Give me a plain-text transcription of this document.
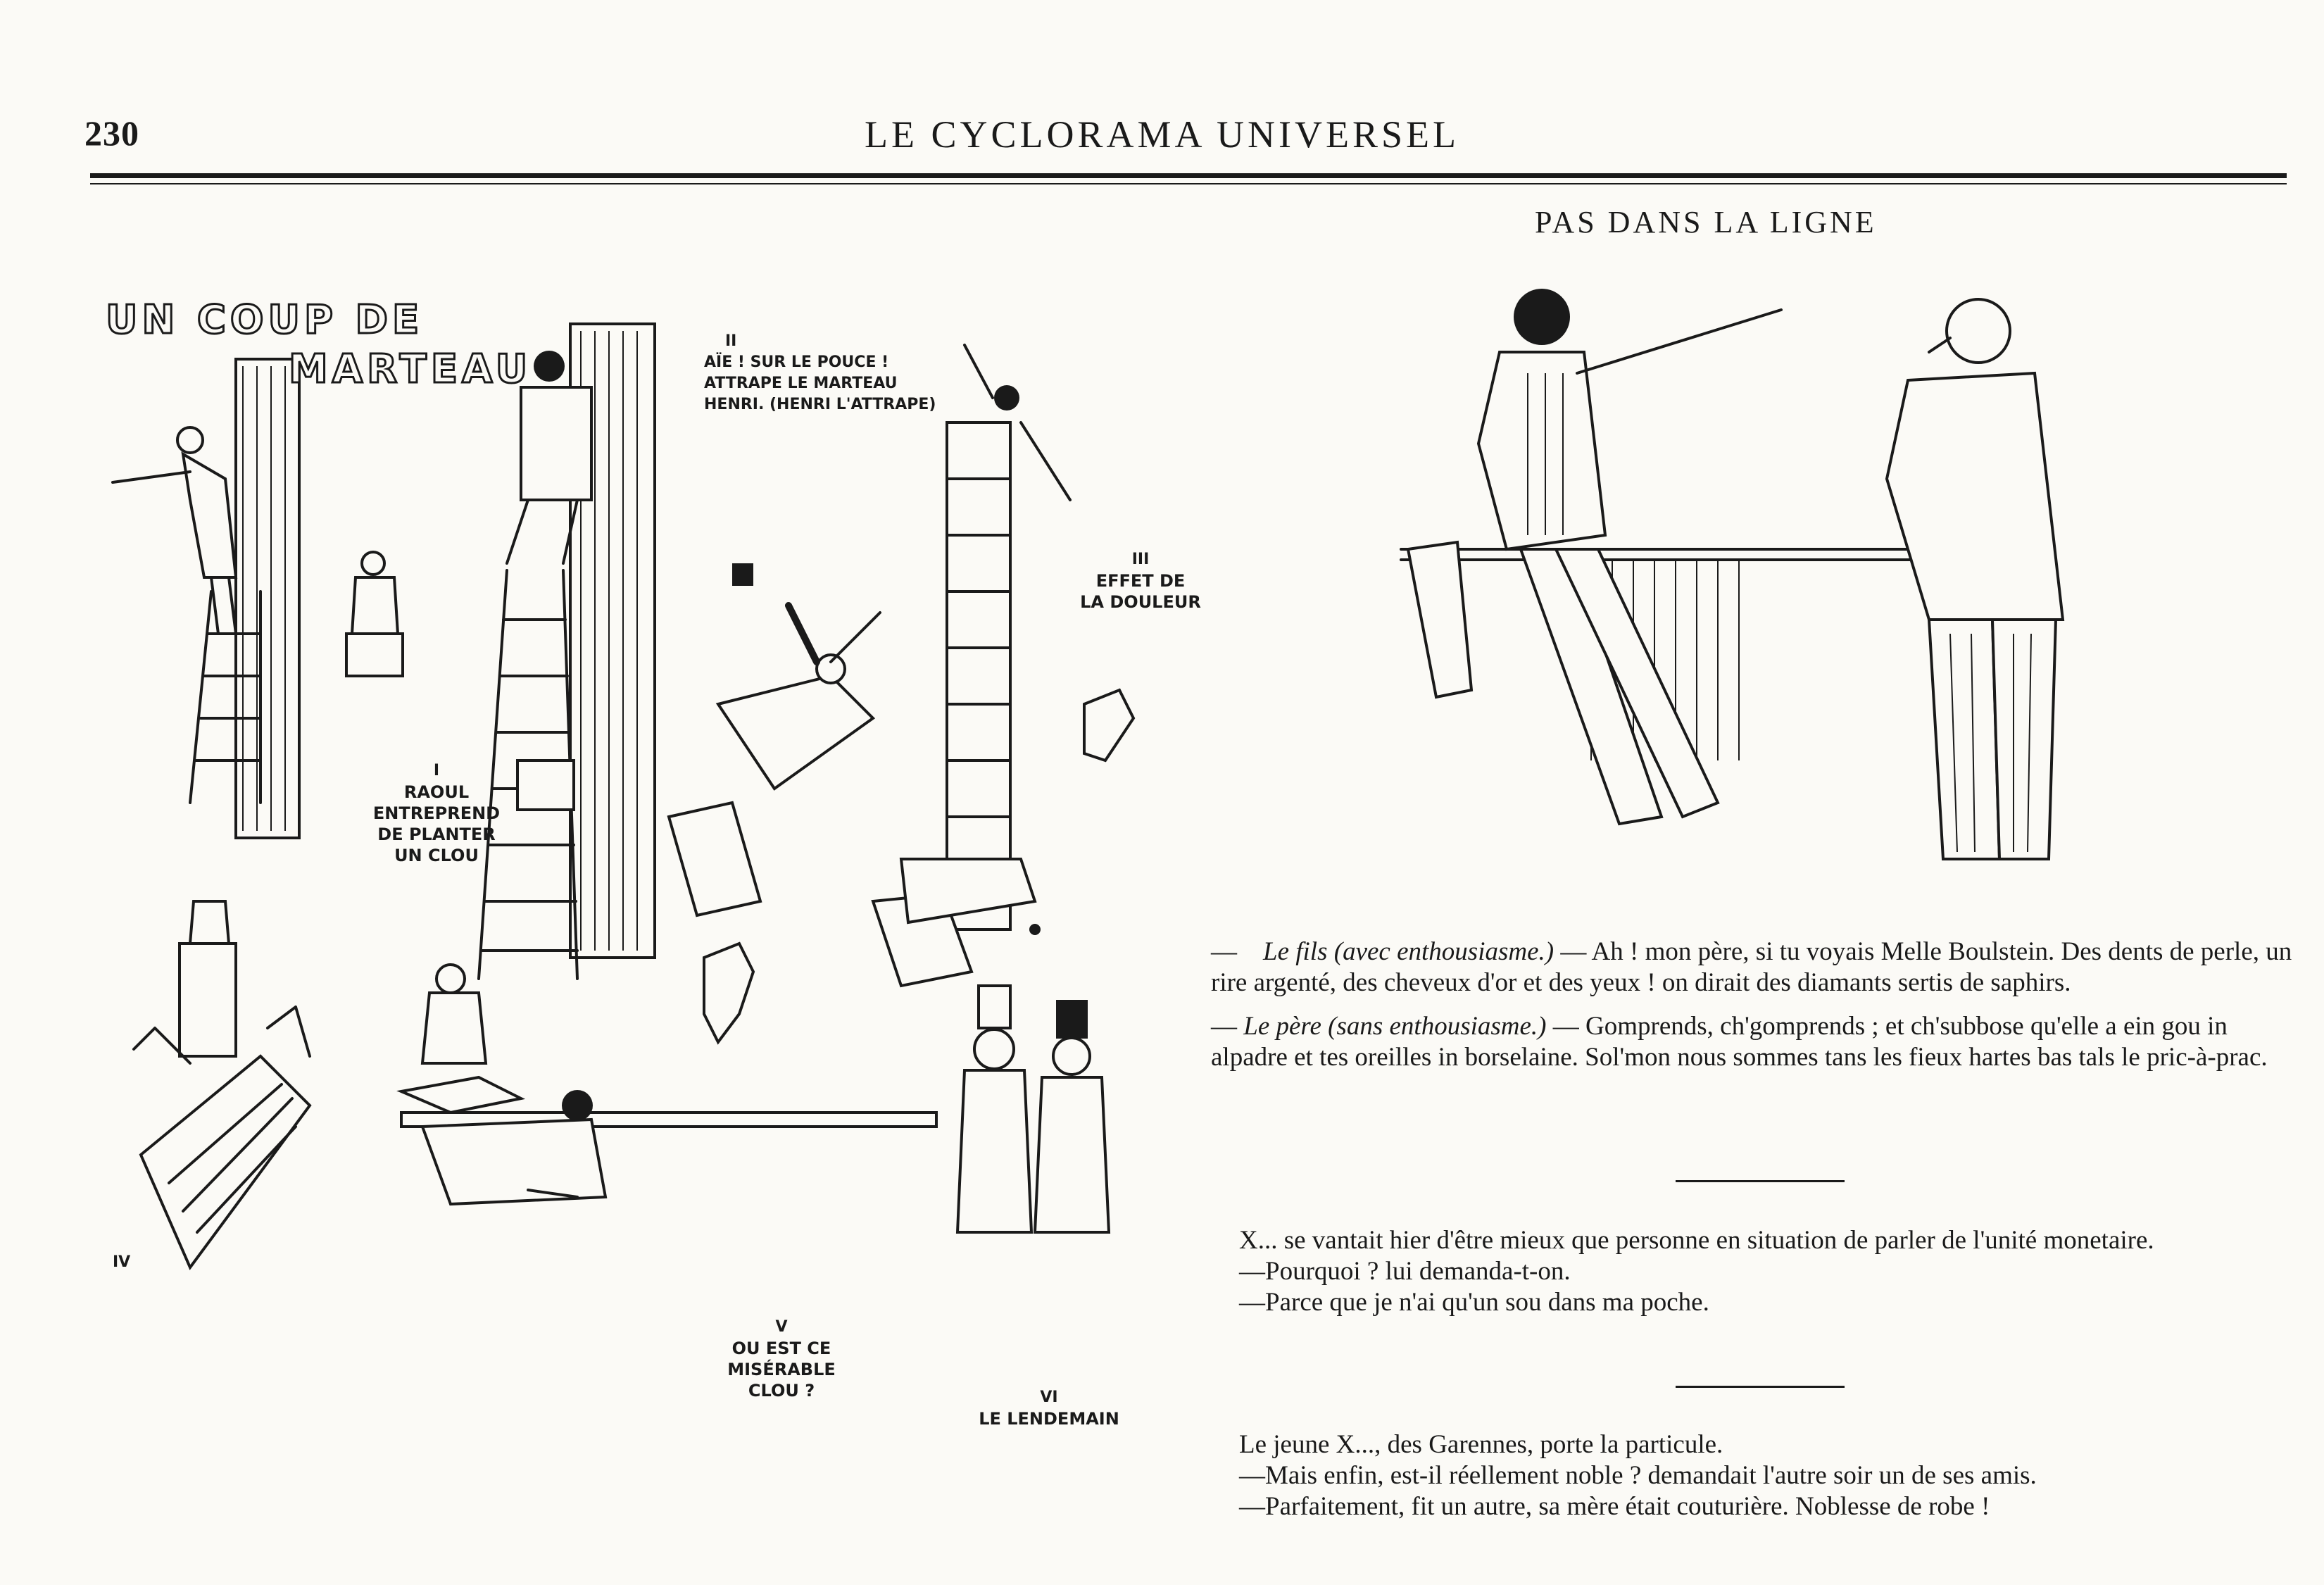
230	LE CYCLORAMA UNIVERSEL
UN COUP DE
MARTEAU
I
RAOUL
ENTREPREND
DE PLANTER
UN CLOU
II
AÏE ! SUR LE POUCE !
ATTRAPE LE MARTEAU
HENRI. (HENRI L'ATTRAPE)
III
EFFET DE
LA DOULEUR
IV
V
OU EST CE
MISÉRABLE
CLOU ?	VI
LE LENDEMAIN
PAS DANS LA LIGNE

— Le fils (avec enthousiasme.) — Ah ! mon père, si tu voyais Melle Boulstein. Des dents de perle, un rire argenté, des cheveux d'or et des yeux ! on dirait des diamants sertis de saphirs.

— Le père (sans enthousiasme.) — Gomprends, ch'gomprends ; et ch'subbose qu'elle a ein gou in alpadre et tes oreilles in borselaine. Sol'mon nous sommes tans les fieux hartes bas tals le pric-à-prac.

X... se vantait hier d'être mieux que personne en situation de parler de l'unité monetaire.

—Pourquoi ? lui demanda-t-on.

—Parce que je n'ai qu'un sou dans ma poche.

Le jeune X..., des Garennes, porte la particule.

—Mais enfin, est-il réellement noble ? demandait l'autre soir un de ses amis.

—Parfaitement, fit un autre, sa mère était couturière. Noblesse de robe !
